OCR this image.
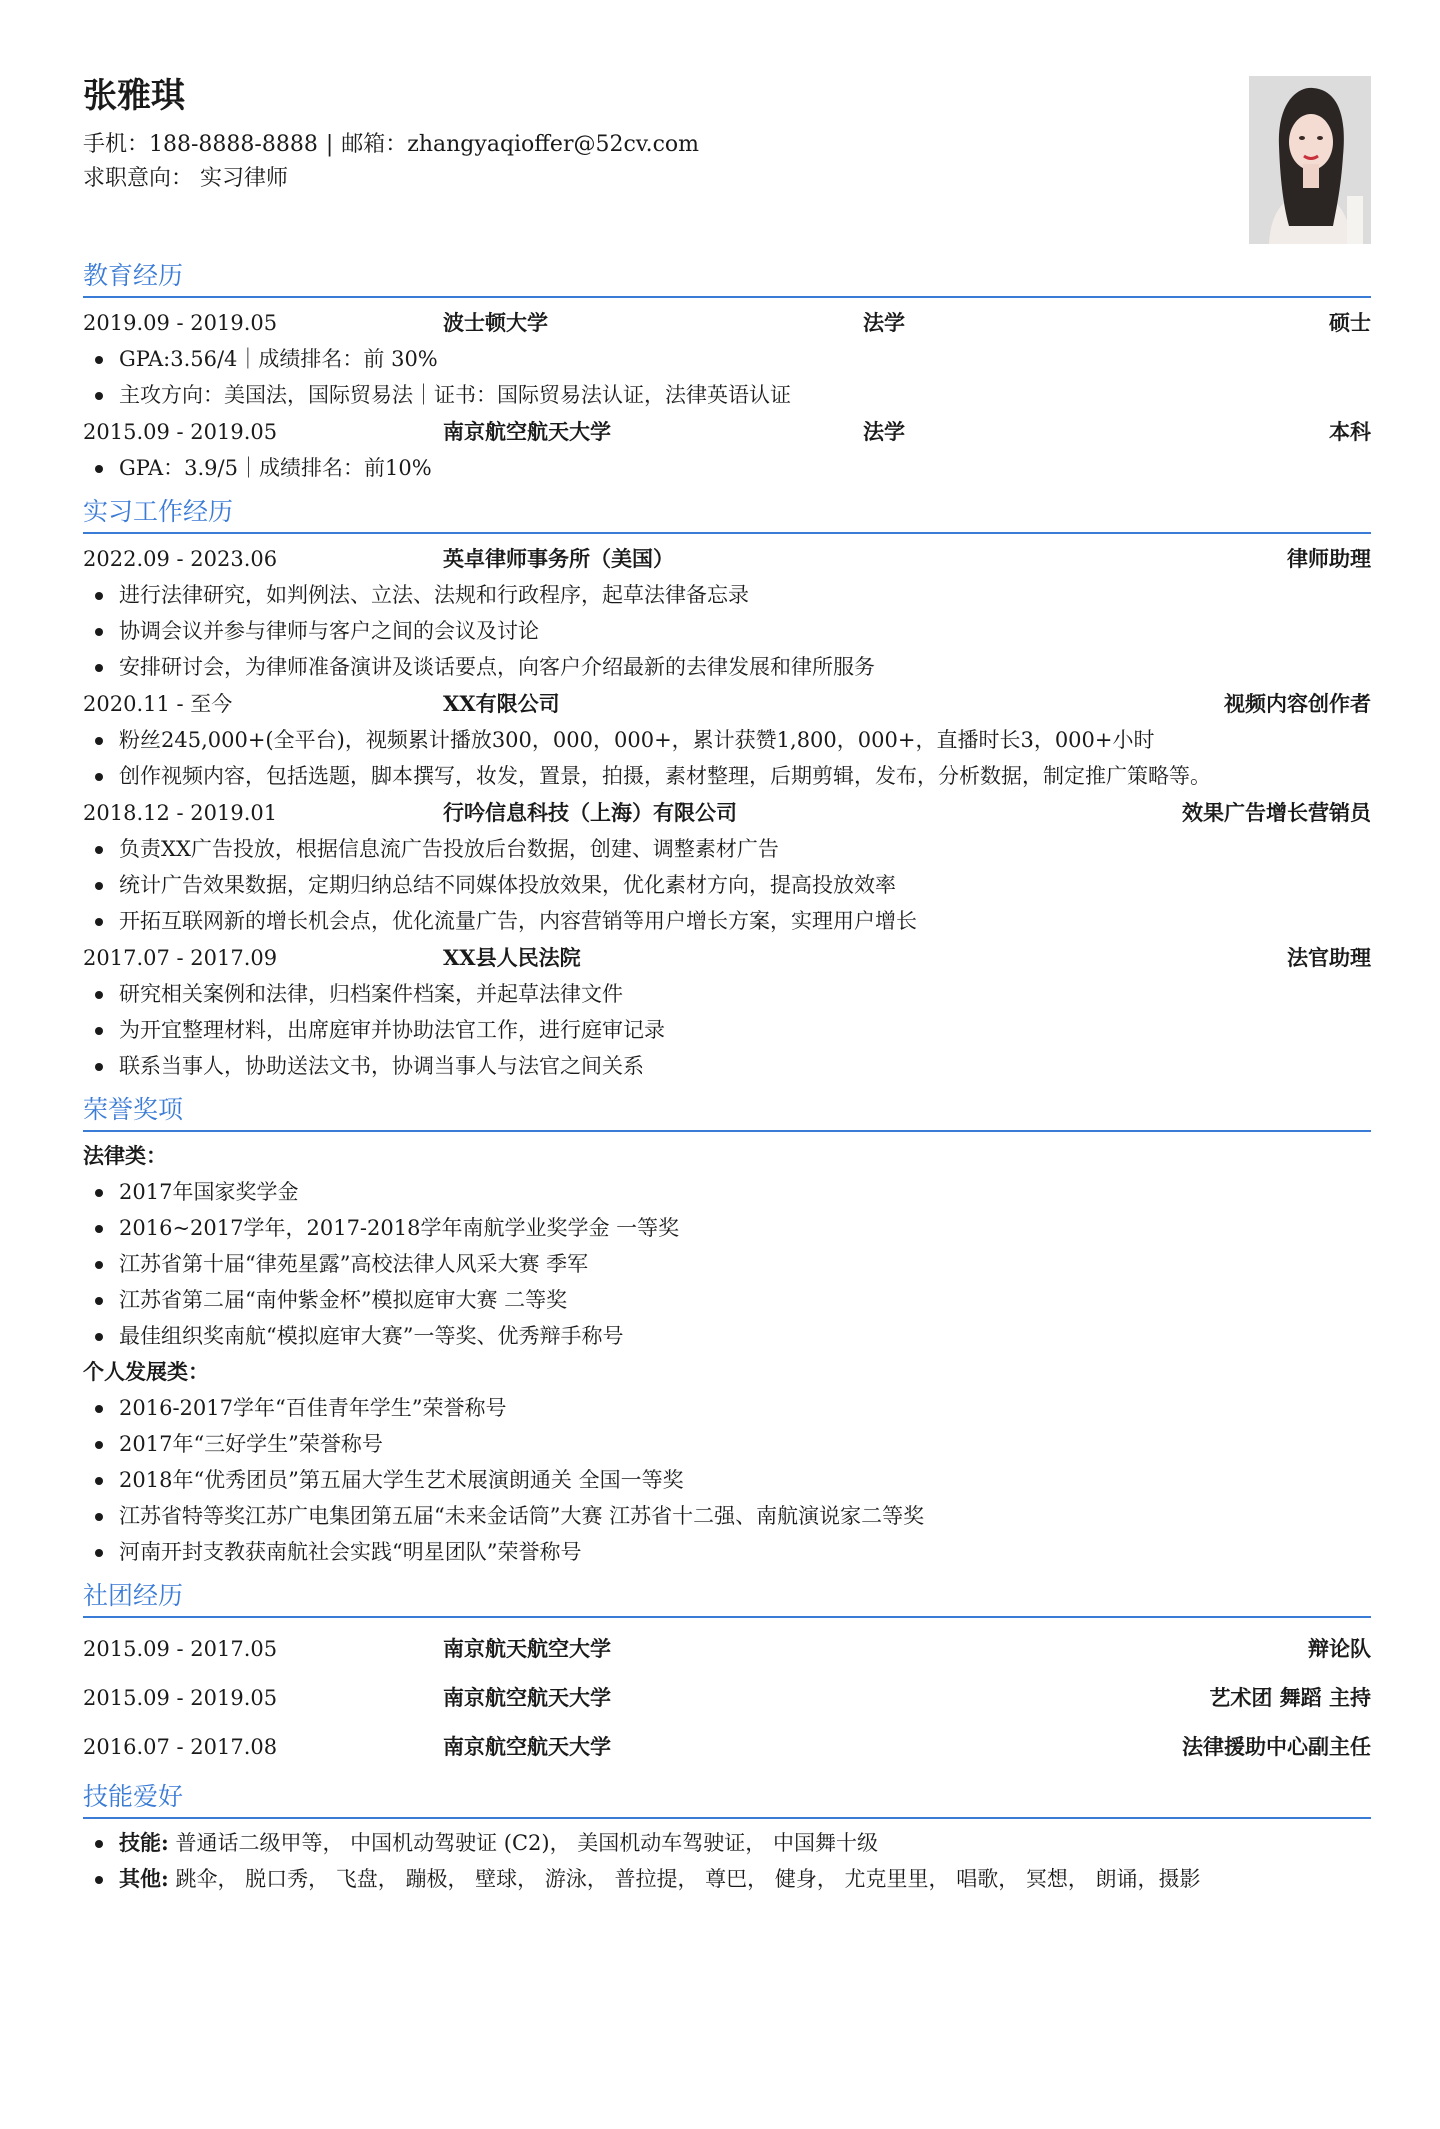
张雅琪
手机：188-8888-8888 | 邮箱：zhangyaqioffer@52cv.com
求职意向： 实习律师
教育经历
2019.09 - 2019.05	波士顿大学	法学	硕士
GPA:3.56/4｜成绩排名：前 30%
主攻方向：美国法，国际贸易法｜证书：国际贸易法认证，法律英语认证
2015.09 - 2019.05	南京航空航天大学	法学	本科
GPA：3.9/5｜成绩排名：前10%
实习工作经历
2022.09 - 2023.06	英卓律师事务所（美国）	律师助理
进行法律研究，如判例法、立法、法规和行政程序，起草法律备忘录
协调会议并参与律师与客户之间的会议及讨论
安排研讨会，为律师准备演讲及谈话要点，向客户介绍最新的去律发展和律所服务
2020.11 - 至今	XX有限公司	视频内容创作者
粉丝245,000+(全平台)，视频累计播放300，000，000+，累计获赞1,800，000+，直播时长3，000+小时
创作视频内容，包括选题，脚本撰写，妆发，置景，拍摄，素材整理，后期剪辑，发布，分析数据，制定推广策略等。
2018.12 - 2019.01	行吟信息科技（上海）有限公司	效果广告增长营销员
负责XX广告投放，根据信息流广告投放后台数据，创建、调整素材广告
统计广告效果数据，定期归纳总结不同媒体投放效果，优化素材方向，提高投放效率
开拓互联网新的增长机会点，优化流量广告，内容营销等用户增长方案，实理用户增长
2017.07 - 2017.09	XX县人民法院	法官助理
研究相关案例和法律，归档案件档案，并起草法律文件
为开宜整理材料，出席庭审并协助法官工作，进行庭审记录
联系当事人，协助送法文书，协调当事人与法官之间关系
荣誉奖项
法律类：
2017年国家奖学金
2016~2017学年，2017-2018学年南航学业奖学金 一等奖
江苏省第十届“律苑星露”高校法律人风采大赛 季军
江苏省第二届“南仲紫金杯”模拟庭审大赛 二等奖
最佳组织奖南航“模拟庭审大赛”一等奖、优秀辩手称号
个人发展类：
2016-2017学年“百佳青年学生”荣誉称号
2017年“三好学生”荣誉称号
2018年“优秀团员”第五届大学生艺术展演朗通关 全国一等奖
江苏省特等奖江苏广电集团第五届“未来金话筒”大赛 江苏省十二强、南航演说家二等奖
河南开封支教获南航社会实践“明星团队”荣誉称号
社团经历
2015.09 - 2017.05	南京航天航空大学	辩论队
2015.09 - 2019.05	南京航空航天大学	艺术团 舞蹈 主持
2016.07 - 2017.08	南京航空航天大学	法律援助中心副主任
技能爱好
技能: 普通话二级甲等， 中国机动驾驶证 (C2)， 美国机动车驾驶证， 中国舞十级
其他: 跳伞， 脱口秀， 飞盘， 蹦极， 壁球， 游泳， 普拉提， 尊巴， 健身， 尤克里里， 唱歌， 冥想， 朗诵，摄影
